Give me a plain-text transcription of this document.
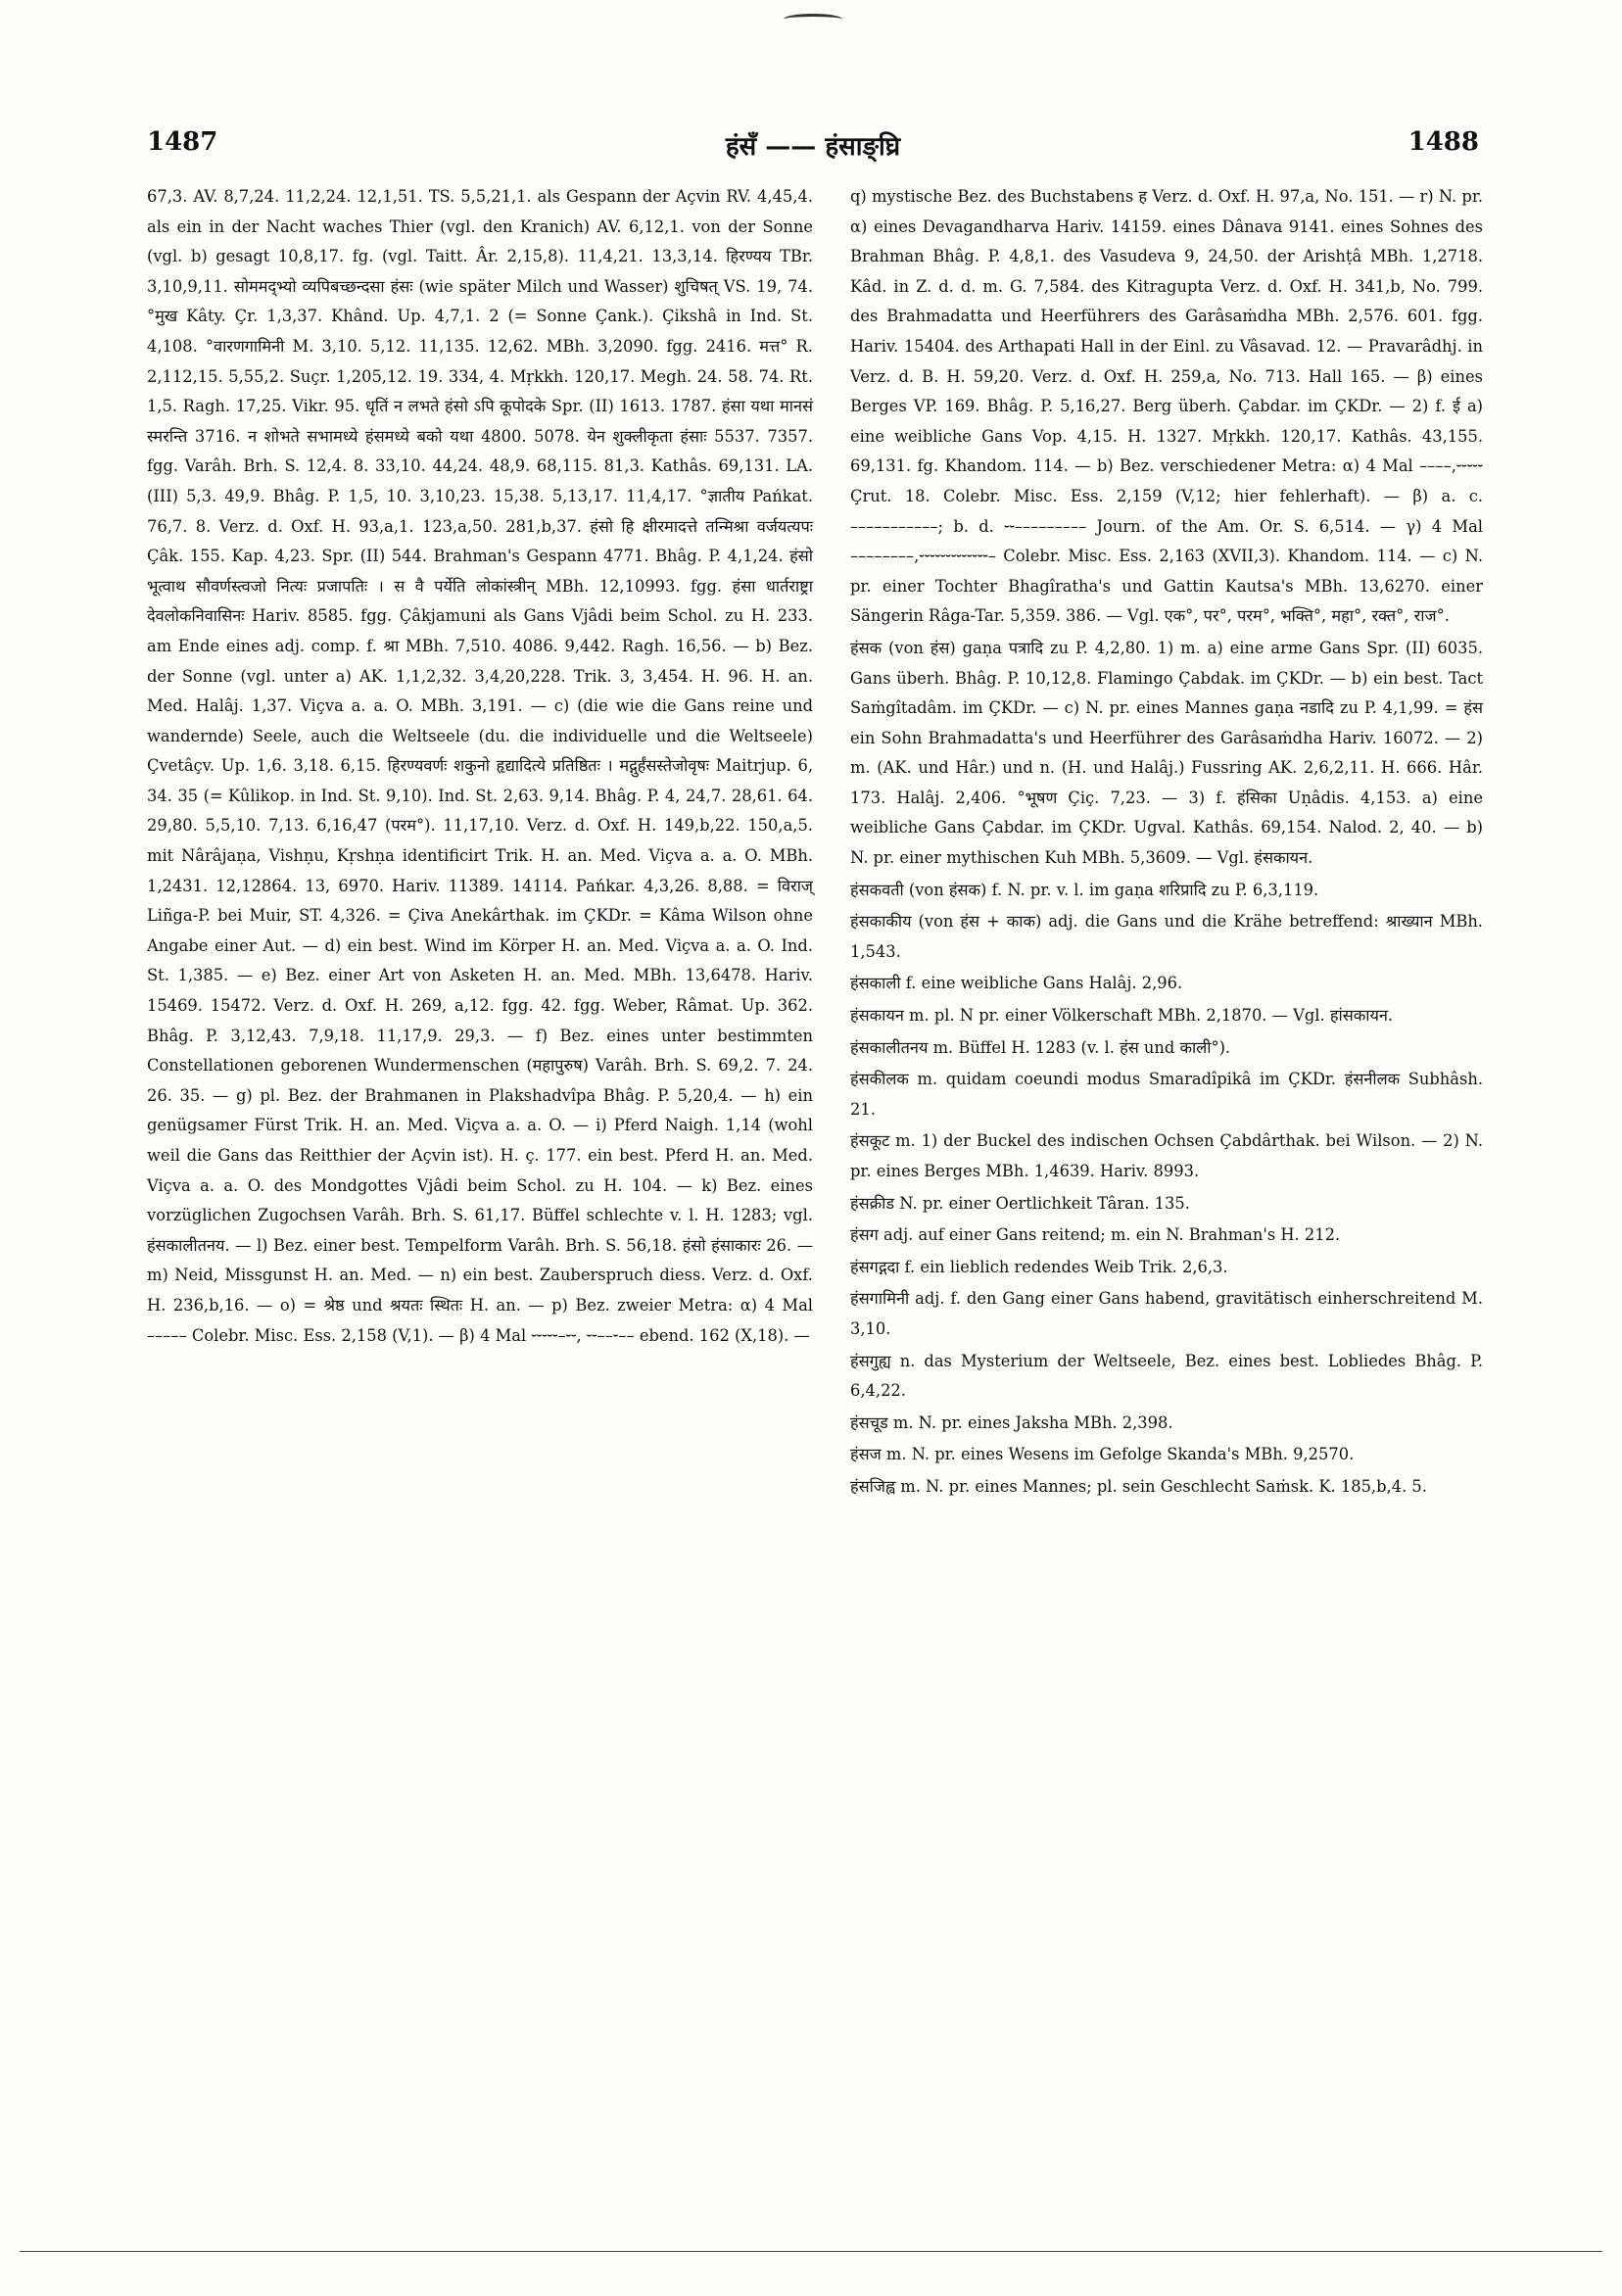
1487	हंसँ —— हंसाङ्घ्रि	1488

67,3. AV. 8,7,24. 11,2,24. 12,1,51. TS. 5,5,21,1. als Gespann der Açvin RV. 4,45,4. als ein in der Nacht waches Thier (vgl. den Kranich) AV. 6,12,1. von der Sonne (vgl. b) gesagt 10,8,17. fg. (vgl. Taitt. Âr. 2,15,8). 11,4,21. 13,3,14. हिरण्यय TBr. 3,10,9,11. सोममद्भ्यो व्यपिबच्छन्दसा हंसः (wie später Milch und Wasser) शुचिषत् VS. 19, 74. °मुख Kâty. Çr. 1,3,37. Khând. Up. 4,7,1. 2 (= Sonne Çank.). Çikshâ in Ind. St. 4,108. °वारणगामिनी M. 3,10. 5,12. 11,135. 12,62. MBh. 3,2090. fgg. 2416. मत्त° R. 2,112,15. 5,55,2. Suçr. 1,205,12. 19. 334, 4. Mṛkkh. 120,17. Megh. 24. 58. 74. Rt. 1,5. Ragh. 17,25. Vikr. 95. धृतिं न लभते हंसो ऽपि कूपोदके Spr. (II) 1613. 1787. हंसा यथा मानसं स्मरन्ति 3716. न शोभते सभामध्ये हंसमध्ये बको यथा 4800. 5078. येन शुक्लीकृता हंसाः 5537. 7357. fgg. Varâh. Brh. S. 12,4. 8. 33,10. 44,24. 48,9. 68,115. 81,3. Kathâs. 69,131. LA. (III) 5,3. 49,9. Bhâg. P. 1,5, 10. 3,10,23. 15,38. 5,13,17. 11,4,17. °ज्ञातीय Pańkat. 76,7. 8. Verz. d. Oxf. H. 93,a,1. 123,a,50. 281,b,37. हंसो हि क्षीरमादत्ते तन्मिश्रा वर्जयत्यपः Çâk. 155. Kap. 4,23. Spr. (II) 544. Brahman's Gespann 4771. Bhâg. P. 4,1,24. हंसो भूत्वाथ सौवर्णस्त्वजो नित्यः प्रजापतिः । स वै पर्येति लोकांस्त्रीन् MBh. 12,10993. fgg. हंसा धार्तराष्ट्रा देवलोकनिवासिनः Hariv. 8585. fgg. Çâkjamuni als Gans Vjâdi beim Schol. zu H. 233. am Ende eines adj. comp. f. श्रा MBh. 7,510. 4086. 9,442. Ragh. 16,56. — b) Bez. der Sonne (vgl. unter a) AK. 1,1,2,32. 3,4,20,228. Trik. 3, 3,454. H. 96. H. an. Med. Halâj. 1,37. Viçva a. a. O. MBh. 3,191. — c) (die wie die Gans reine und wandernde) Seele, auch die Weltseele (du. die individuelle und die Weltseele) Çvetâçv. Up. 1,6. 3,18. 6,15. हिरण्यवर्णः शकुनो हृद्यादित्ये प्रतिष्ठितः । मद्गुर्हंसस्तेजोवृषः Maitrjup. 6, 34. 35 (= Kûlikop. in Ind. St. 9,10). Ind. St. 2,63. 9,14. Bhâg. P. 4, 24,7. 28,61. 64. 29,80. 5,5,10. 7,13. 6,16,47 (परम°). 11,17,10. Verz. d. Oxf. H. 149,b,22. 150,a,5. mit Nârâjaṇa, Vishṇu, Kṛshṇa identificirt Trik. H. an. Med. Viçva a. a. O. MBh. 1,2431. 12,12864. 13, 6970. Hariv. 11389. 14114. Pańkar. 4,3,26. 8,88. = विराज् Liñga-P. bei Muir, ST. 4,326. = Çiva Anekârthak. im ÇKDr. = Kâma Wilson ohne Angabe einer Aut. — d) ein best. Wind im Körper H. an. Med. Viçva a. a. O. Ind. St. 1,385. — e) Bez. einer Art von Asketen H. an. Med. MBh. 13,6478. Hariv. 15469. 15472. Verz. d. Oxf. H. 269, a,12. fgg. 42. fgg. Weber, Râmat. Up. 362. Bhâg. P. 3,12,43. 7,9,18. 11,17,9. 29,3. — f) Bez. eines unter bestimmten Constellationen geborenen Wundermenschen (महापुरुष) Varâh. Brh. S. 69,2. 7. 24. 26. 35. — g) pl. Bez. der Brahmanen in Plakshadvîpa Bhâg. P. 5,20,4. — h) ein genügsamer Fürst Trik. H. an. Med. Viçva a. a. O. — i) Pferd Naigh. 1,14 (wohl weil die Gans das Reitthier der Açvin ist). H. ç. 177. ein best. Pferd H. an. Med. Viçva a. a. O. des Mondgottes Vjâdi beim Schol. zu H. 104. — k) Bez. eines vorzüglichen Zugochsen Varâh. Brh. S. 61,17. Büffel schlechte v. l. H. 1283; vgl. हंसकालीतनय. — l) Bez. einer best. Tempelform Varâh. Brh. S. 56,18. हंसो हंसाकारः 26. — m) Neid, Missgunst H. an. Med. — n) ein best. Zauberspruch diess. Verz. d. Oxf. H. 236,b,16. — o) = श्रेष्ठ und श्रयतः स्थितः H. an. — p) Bez. zweier Metra: α) 4 Mal ––––– Colebr. Misc. Ess. 2,158 (V,1). — β) 4 Mal ⏑⏑⏑⏑⏑–⏑⏑, ⏑⏑––⏑–– ebend. 162 (X,18). —

q) mystische Bez. des Buchstabens ह Verz. d. Oxf. H. 97,a, No. 151. — r) N. pr. α) eines Devagandharva Hariv. 14159. eines Dânava 9141. eines Sohnes des Brahman Bhâg. P. 4,8,1. des Vasudeva 9, 24,50. der Arishṭâ MBh. 1,2718. Kâd. in Z. d. d. m. G. 7,584. des Kitragupta Verz. d. Oxf. H. 341,b, No. 799. des Brahmadatta und Heerführers des Garâsaṁdha MBh. 2,576. 601. fgg. Hariv. 15404. des Arthapati Hall in der Einl. zu Vâsavad. 12. — Pravarâdhj. in Verz. d. B. H. 59,20. Verz. d. Oxf. H. 259,a, No. 713. Hall 165. — β) eines Berges VP. 169. Bhâg. P. 5,16,27. Berg überh. Çabdar. im ÇKDr. — 2) f. ई a) eine weibliche Gans Vop. 4,15. H. 1327. Mṛkkh. 120,17. Kathâs. 43,155. 69,131. fg. Khandom. 114. — b) Bez. verschiedener Metra: α) 4 Mal ––––,⏑⏑⏑⏑⏑ Çrut. 18. Colebr. Misc. Ess. 2,159 (V,12; hier fehlerhaft). — β) a. c. –––––––––––; b. d. ⏑⏑––––––––– Journ. of the Am. Or. S. 6,514. — γ) 4 Mal ––––––––,⏑⏑⏑⏑⏑⏑⏑⏑⏑⏑⏑⏑⏑– Colebr. Misc. Ess. 2,163 (XVII,3). Khandom. 114. — c) N. pr. einer Tochter Bhagîratha's und Gattin Kautsa's MBh. 13,6270. einer Sängerin Râga-Tar. 5,359. 386. — Vgl. एक°, पर°, परम°, भक्ति°, महा°, रक्त°, राज°.

हंसक (von हंस) gaṇa पत्रादि zu P. 4,2,80. 1) m. a) eine arme Gans Spr. (II) 6035. Gans überh. Bhâg. P. 10,12,8. Flamingo Çabdak. im ÇKDr. — b) ein best. Tact Saṁgîtadâm. im ÇKDr. — c) N. pr. eines Mannes gaṇa नडादि zu P. 4,1,99. = हंस ein Sohn Brahmadatta's und Heerführer des Garâsaṁdha Hariv. 16072. — 2) m. (AK. und Hâr.) und n. (H. und Halâj.) Fussring AK. 2,6,2,11. H. 666. Hâr. 173. Halâj. 2,406. °भूषण Çiç. 7,23. — 3) f. हंसिका Uṇâdis. 4,153. a) eine weibliche Gans Çabdar. im ÇKDr. Ugval. Kathâs. 69,154. Nalod. 2, 40. — b) N. pr. einer mythischen Kuh MBh. 5,3609. — Vgl. हंसकायन.

हंसकवती (von हंसक) f. N. pr. v. l. im gaṇa शरिप्रादि zu P. 6,3,119.

हंसकाकीय (von हंस + काक) adj. die Gans und die Krähe betreffend: श्राख्यान MBh. 1,543.

हंसकाली f. eine weibliche Gans Halâj. 2,96.

हंसकायन m. pl. N pr. einer Völkerschaft MBh. 2,1870. — Vgl. हांसकायन.

हंसकालीतनय m. Büffel H. 1283 (v. l. हंस und काली°).

हंसकीलक m. quidam coeundi modus Smaradîpikâ im ÇKDr. हंसनीलक Subhâsh. 21.

हंसकूट m. 1) der Buckel des indischen Ochsen Çabdârthak. bei Wilson. — 2) N. pr. eines Berges MBh. 1,4639. Hariv. 8993.

हंसक्रीड N. pr. einer Oertlichkeit Târan. 135.

हंसग adj. auf einer Gans reitend; m. ein N. Brahman's H. 212.

हंसगद्गदा f. ein lieblich redendes Weib Trik. 2,6,3.

हंसगामिनी adj. f. den Gang einer Gans habend, gravitätisch einherschreitend M. 3,10.

हंसगुह्य n. das Mysterium der Weltseele, Bez. eines best. Lobliedes Bhâg. P. 6,4,22.

हंसचूड m. N. pr. eines Jaksha MBh. 2,398.

हंसज m. N. pr. eines Wesens im Gefolge Skanda's MBh. 9,2570.

हंसजिह्व m. N. pr. eines Mannes; pl. sein Geschlecht Saṁsk. K. 185,b,4. 5.
